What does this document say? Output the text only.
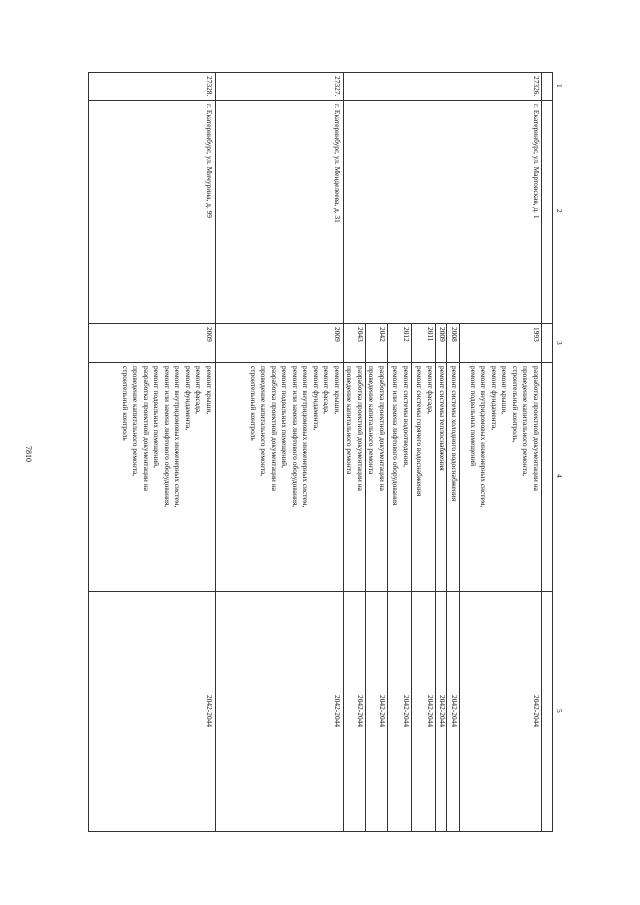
7810
1
2
3
4
5
27326.
г. Екатеринбург, ул. Мартовская, д. 1
1993
разработка проектной документации на
проведение капитального ремонта,
строительный контроль,
ремонт крыши,
ремонт фундамента,
ремонт внутридомовых инженерных систем,
ремонт подвальных помещений
2042-2044
2008
ремонт системы холодного водоснабжения
2042-2044
2009
ремонт системы теплоснабжения
2042-2044
2011
ремонт фасада,
ремонт системы горячего водоснабжения
2042-2044
2012
ремонт системы водоотведения,
ремонт или замена лифтового оборудования
2042-2044
2042
разработка проектной документации на
проведение капитального ремонта
2042-2044
2043
разработка проектной документации на
проведение капитального ремонта
2042-2044
27327.
г. Екатеринбург, ул. Менделеева, д. 31
2009
ремонт крыши,
ремонт фасада,
ремонт фундамента,
ремонт внутридомовых инженерных систем,
ремонт или замена лифтового оборудования,
ремонт подвальных помещений,
разработка проектной документации на
проведение капитального ремонта,
строительный контроль
2042-2044
27328.
г. Екатеринбург, ул. Мичурина, д. 99
2009
ремонт крыши,
ремонт фасада,
ремонт фундамента,
ремонт внутридомовых инженерных систем,
ремонт или замена лифтового оборудования,
ремонт подвальных помещений,
разработка проектной документации на
проведение капитального ремонта,
строительный контроль
2042-2044
